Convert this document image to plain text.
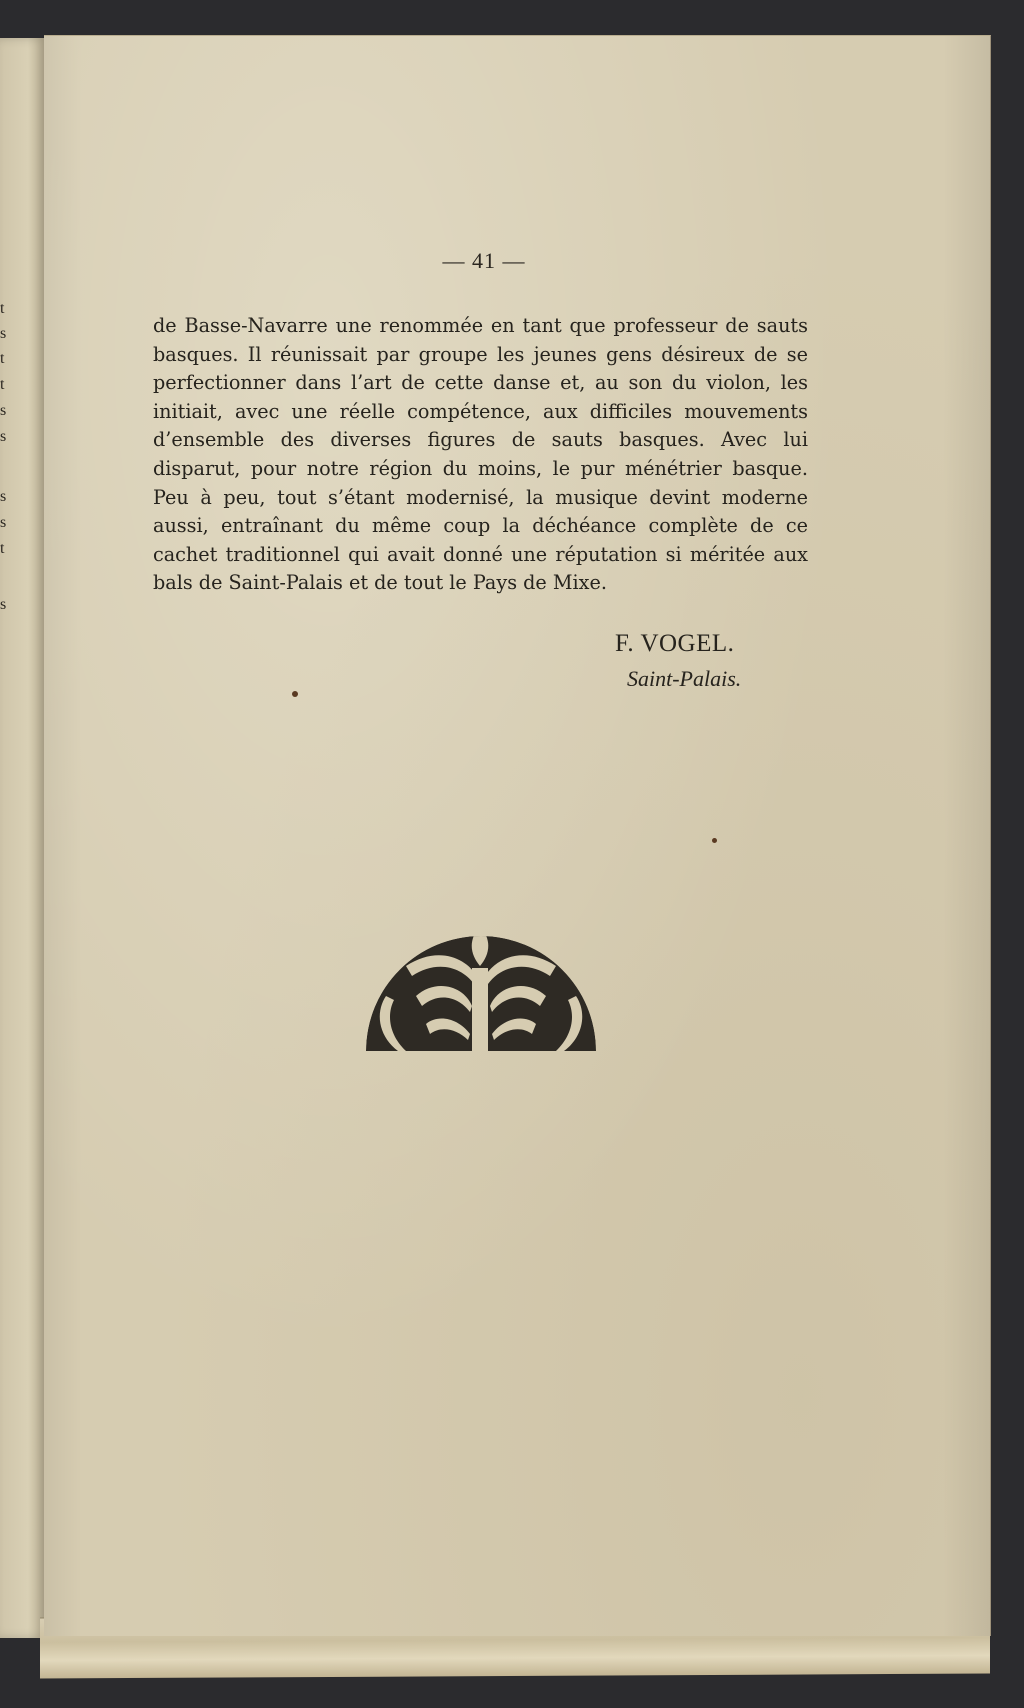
t
s
t
t
s
s
s
s
t
s
— 41 —

de Basse-Navarre une renommée en tant que professeur de sauts
basques. Il réunissait par groupe les jeunes gens désireux de se
perfectionner dans l’art de cette danse et, au son du violon, les
initiait, avec une réelle compétence, aux difficiles mouvements
d’ensemble des diverses figures de sauts basques. Avec lui
disparut, pour notre région du moins, le pur ménétrier basque.
Peu à peu, tout s’étant modernisé, la musique devint moderne
aussi, entraînant du même coup la déchéance complète de ce
cachet traditionnel qui avait donné une réputation si méritée aux
bals de Saint-Palais et de tout le Pays de Mixe.

F. VOGEL.
Saint-Palais.
